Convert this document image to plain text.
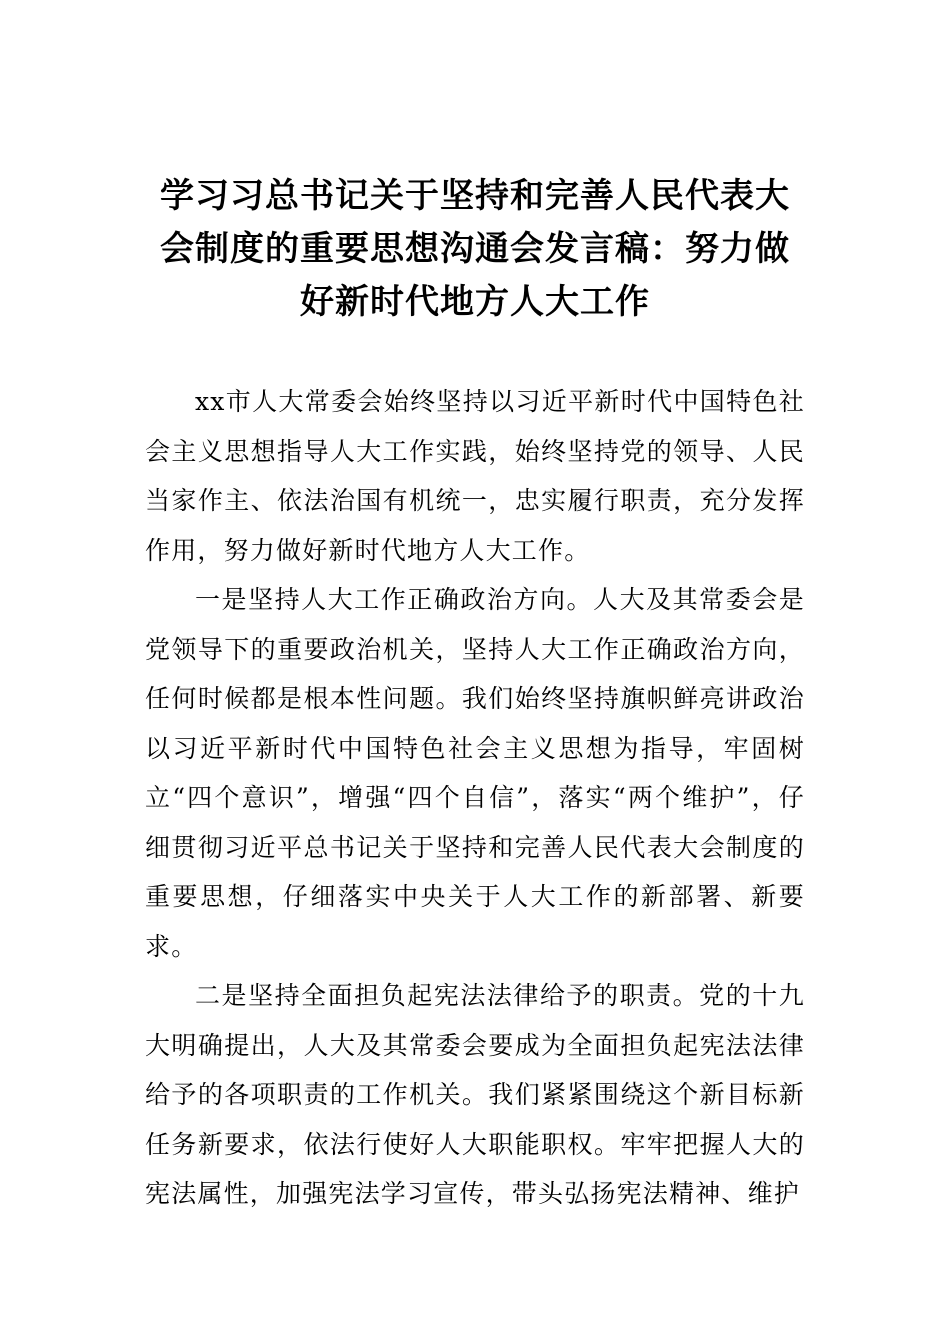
学习习总书记关于坚持和完善人民代表大会制度的重要思想沟通会发言稿：努力做好新时代地方人大工作

xx市人大常委会始终坚持以习近平新时代中国特色社会主义思想指导人大工作实践，始终坚持党的领导、人民当家作主、依法治国有机统一，忠实履行职责，充分发挥作用，努力做好新时代地方人大工作。

一是坚持人大工作正确政治方向。人大及其常委会是党领导下的重要政治机关，坚持人大工作正确政治方向，任何时候都是根本性问题。我们始终坚持旗帜鲜亮讲政治以习近平新时代中国特色社会主义思想为指导，牢固树立“四个意识”，增强“四个自信”，落实“两个维护”，仔细贯彻习近平总书记关于坚持和完善人民代表大会制度的重要思想，仔细落实中央关于人大工作的新部署、新要求。

二是坚持全面担负起宪法法律给予的职责。党的十九大明确提出，人大及其常委会要成为全面担负起宪法法律给予的各项职责的工作机关。我们紧紧围绕这个新目标新任务新要求，依法行使好人大职能职权。牢牢把握人大的宪法属性，加强宪法学习宣传，带头弘扬宪法精神、维护
